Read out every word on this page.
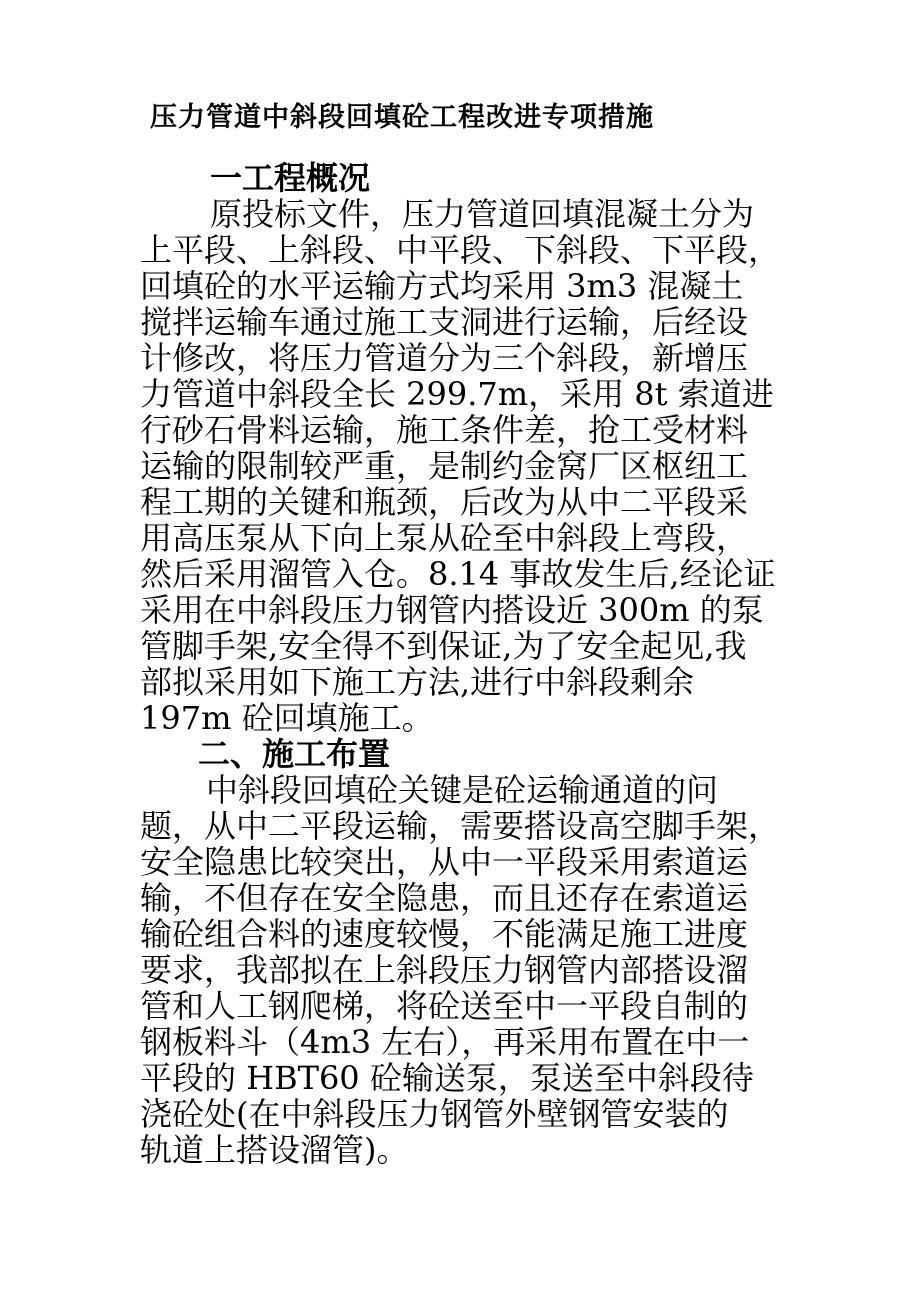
压力管道中斜段回填砼工程改进专项措施
一工程概况

原投标文件，压力管道回填混凝土分为
上平段、上斜段、中平段、下斜段、下平段，
回填砼的水平运输方式均采用 3m3 混凝土
搅拌运输车通过施工支洞进行运输，后经设
计修改，将压力管道分为三个斜段，新增压
力管道中斜段全长 299.7m，采用 8t 索道进
行砂石骨料运输，施工条件差，抢工受材料
运输的限制较严重，是制约金窝厂区枢纽工
程工期的关键和瓶颈，后改为从中二平段采
用高压泵从下向上泵从砼至中斜段上弯段，
然后采用溜管入仓。8.14 事故发生后,经论证
采用在中斜段压力钢管内搭设近 300m 的泵
管脚手架,安全得不到保证,为了安全起见,我
部拟采用如下施工方法,进行中斜段剩余
197m 砼回填施工。

二、施工布置

中斜段回填砼关键是砼运输通道的问
题，从中二平段运输，需要搭设高空脚手架，
安全隐患比较突出，从中一平段采用索道运
输，不但存在安全隐患，而且还存在索道运
输砼组合料的速度较慢，不能满足施工进度
要求，我部拟在上斜段压力钢管内部搭设溜
管和人工钢爬梯，将砼送至中一平段自制的
钢板料斗（4m3 左右），再采用布置在中一
平段的 HBT60 砼输送泵，泵送至中斜段待
浇砼处(在中斜段压力钢管外壁钢管安装的
轨道上搭设溜管)。
